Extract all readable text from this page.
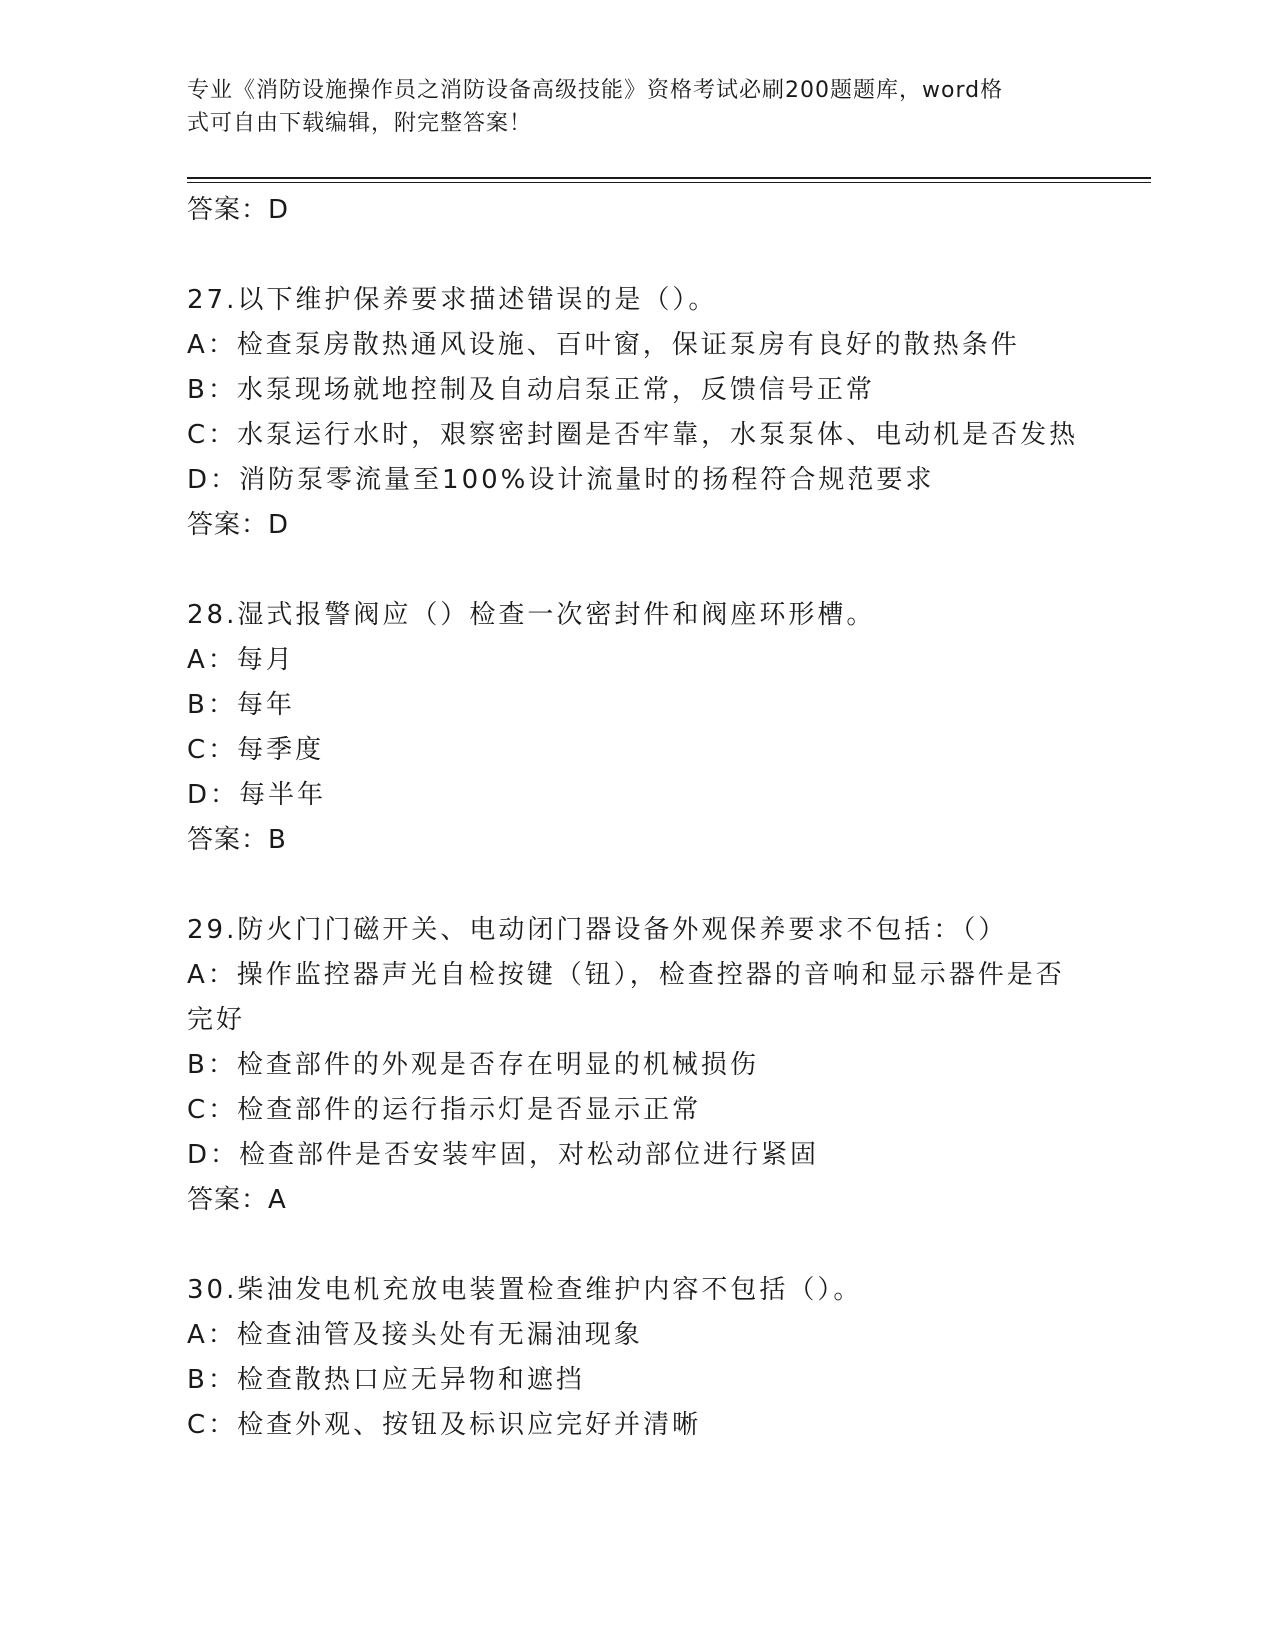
专业《消防设施操作员之消防设备高级技能》资格考试必刷200题题库，word格
式可自由下载编辑，附完整答案！
答案：D
27.以下维护保养要求描述错误的是（）。
A：检查泵房散热通风设施、百叶窗，保证泵房有良好的散热条件
B：水泵现场就地控制及自动启泵正常，反馈信号正常
C：水泵运行水时，艰察密封圈是否牢靠，水泵泵体、电动机是否发热
D：消防泵零流量至100%设计流量时的扬程符合规范要求
答案：D
28.湿式报警阀应（）检查一次密封件和阀座环形槽。
A：每月
B：每年
C：每季度
D：每半年
答案：B
29.防火门门磁开关、电动闭门器设备外观保养要求不包括：（）
A：操作监控器声光自检按键（钮），检查控器的音响和显示器件是否
完好
B：检查部件的外观是否存在明显的机械损伤
C：检查部件的运行指示灯是否显示正常
D：检查部件是否安装牢固，对松动部位进行紧固
答案：A
30.柴油发电机充放电装置检查维护内容不包括（）。
A：检查油管及接头处有无漏油现象
B：检查散热口应无异物和遮挡
C：检查外观、按钮及标识应完好并清晰
